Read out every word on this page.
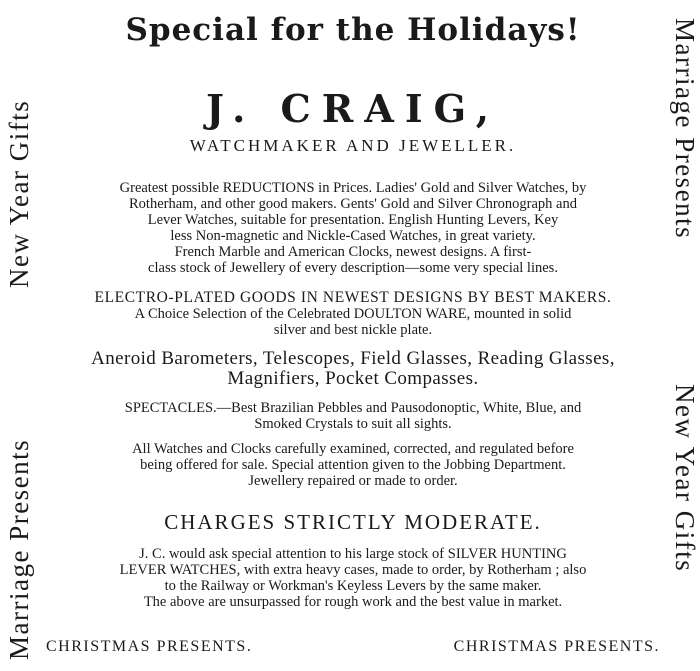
New Year Gifts
Marriage Presents
Marriage Presents
New Year Gifts
Special for the Holidays!
J. CRAIG,
WATCHMAKER AND JEWELLER.
Greatest possible REDUCTIONS in Prices. Ladies' Gold and Silver Watches, by
Rotherham, and other good makers. Gents' Gold and Silver Chronograph and
Lever Watches, suitable for presentation. English Hunting Levers, Key
less Non-magnetic and Nickle-Cased Watches, in great variety.
French Marble and American Clocks, newest designs. A first-
class stock of Jewellery of every description—some very special lines.
ELECTRO-PLATED GOODS IN NEWEST DESIGNS BY BEST MAKERS.
A Choice Selection of the Celebrated DOULTON WARE, mounted in solid
silver and best nickle plate.
Aneroid Barometers, Telescopes, Field Glasses, Reading Glasses,
Magnifiers, Pocket Compasses.
SPECTACLES.—Best Brazilian Pebbles and Pausodonoptic, White, Blue, and
Smoked Crystals to suit all sights.
All Watches and Clocks carefully examined, corrected, and regulated before
being offered for sale. Special attention given to the Jobbing Department.
Jewellery repaired or made to order.
CHARGES STRICTLY MODERATE.
J. C. would ask special attention to his large stock of SILVER HUNTING
LEVER WATCHES, with extra heavy cases, made to order, by Rotherham ; also
to the Railway or Workman's Keyless Levers by the same maker.
The above are unsurpassed for rough work and the best value in market.
CHRISTMAS PRESENTS.	CHRISTMAS PRESENTS.
